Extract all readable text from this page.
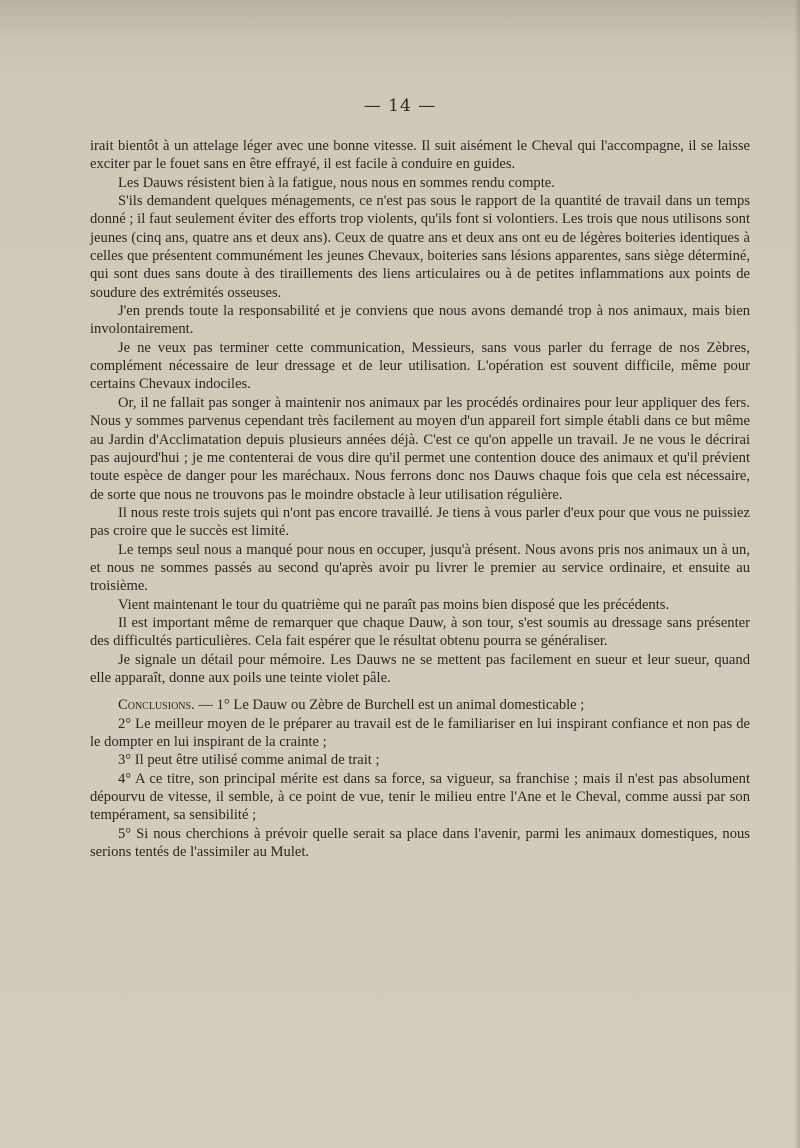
— 14 —

irait bientôt à un attelage léger avec une bonne vitesse. Il suit aisément le Cheval qui l'accompagne, il se laisse exciter par le fouet sans en être effrayé, il est facile à conduire en guides.

Les Dauws résistent bien à la fatigue, nous nous en sommes rendu compte.

S'ils demandent quelques ménagements, ce n'est pas sous le rapport de la quantité de travail dans un temps donné ; il faut seulement éviter des efforts trop violents, qu'ils font si volontiers. Les trois que nous utilisons sont jeunes (cinq ans, quatre ans et deux ans). Ceux de quatre ans et deux ans ont eu de légères boiteries identiques à celles que présentent communément les jeunes Chevaux, boiteries sans lésions apparentes, sans siège déterminé, qui sont dues sans doute à des tiraillements des liens articulaires ou à de petites inflammations aux points de soudure des extrémités osseuses.

J'en prends toute la responsabilité et je conviens que nous avons demandé trop à nos animaux, mais bien involontairement.

Je ne veux pas terminer cette communication, Messieurs, sans vous parler du ferrage de nos Zèbres, complément nécessaire de leur dressage et de leur utilisation. L'opération est souvent difficile, même pour certains Chevaux indociles.

Or, il ne fallait pas songer à maintenir nos animaux par les procédés ordinaires pour leur appliquer des fers. Nous y sommes parvenus cependant très facilement au moyen d'un appareil fort simple établi dans ce but même au Jardin d'Acclimatation depuis plusieurs années déjà. C'est ce qu'on appelle un travail. Je ne vous le décrirai pas aujourd'hui ; je me contenterai de vous dire qu'il permet une contention douce des animaux et qu'il prévient toute espèce de danger pour les maréchaux. Nous ferrons donc nos Dauws chaque fois que cela est nécessaire, de sorte que nous ne trouvons pas le moindre obstacle à leur utilisation régulière.

Il nous reste trois sujets qui n'ont pas encore travaillé. Je tiens à vous parler d'eux pour que vous ne puissiez pas croire que le succès est limité.

Le temps seul nous a manqué pour nous en occuper, jusqu'à présent. Nous avons pris nos animaux un à un, et nous ne sommes passés au second qu'après avoir pu livrer le premier au service ordinaire, et ensuite au troisième.

Vient maintenant le tour du quatrième qui ne paraît pas moins bien disposé que les précédents.

Il est important même de remarquer que chaque Dauw, à son tour, s'est soumis au dressage sans présenter des difficultés particulières. Cela fait espérer que le résultat obtenu pourra se généraliser.

Je signale un détail pour mémoire. Les Dauws ne se mettent pas facilement en sueur et leur sueur, quand elle apparaît, donne aux poils une teinte violet pâle.

Conclusions. — 1° Le Dauw ou Zèbre de Burchell est un animal domesticable ;

2° Le meilleur moyen de le préparer au travail est de le familiariser en lui inspirant confiance et non pas de le dompter en lui inspirant de la crainte ;

3° Il peut être utilisé comme animal de trait ;

4° A ce titre, son principal mérite est dans sa force, sa vigueur, sa franchise ; mais il n'est pas absolument dépourvu de vitesse, il semble, à ce point de vue, tenir le milieu entre l'Ane et le Cheval, comme aussi par son tempérament, sa sensibilité ;

5° Si nous cherchions à prévoir quelle serait sa place dans l'avenir, parmi les animaux domestiques, nous serions tentés de l'assimiler au Mulet.
